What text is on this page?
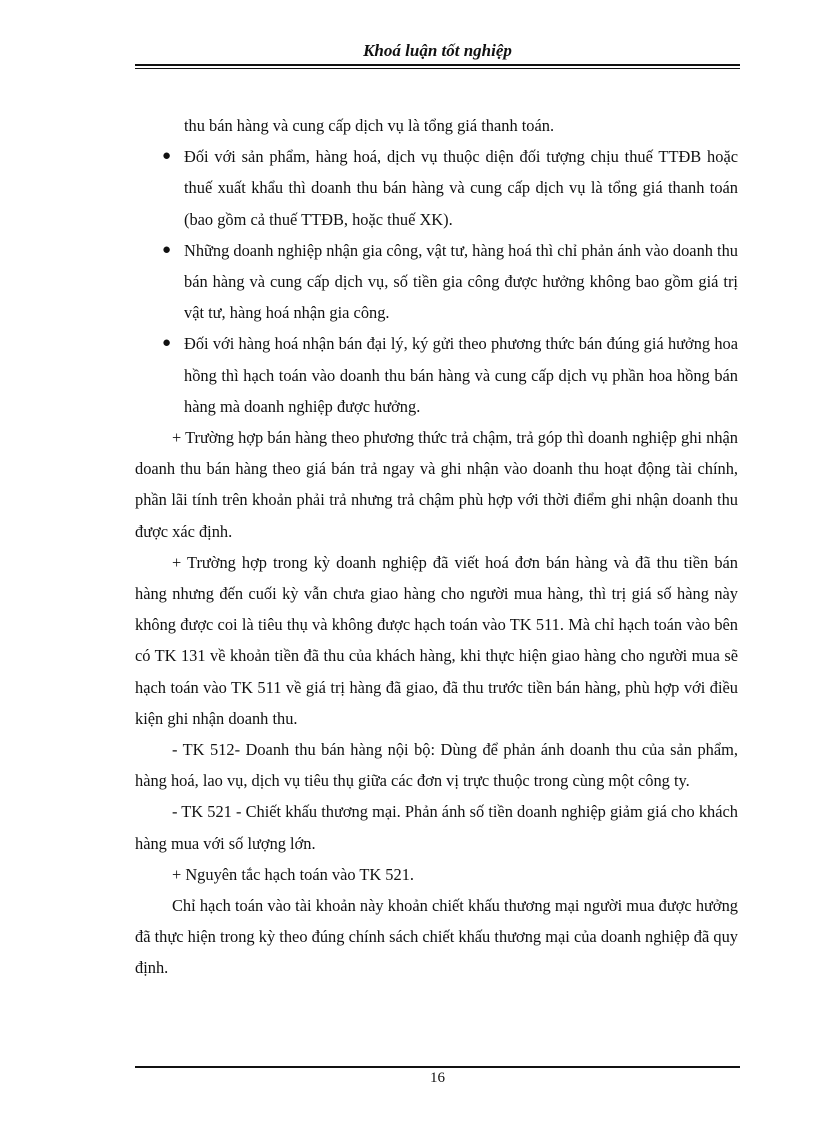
Khoá luận tốt nghiệp

thu bán hàng và cung cấp dịch vụ là tổng giá thanh toán.

● Đối với sản phẩm, hàng hoá, dịch vụ thuộc diện đối tượng chịu thuế TTĐB hoặc thuế xuất khẩu thì doanh thu bán hàng và cung cấp dịch vụ là tổng giá thanh toán (bao gồm cả thuế TTĐB, hoặc thuế XK).
● Những doanh nghiệp nhận gia công, vật tư, hàng hoá thì chỉ phản ánh vào doanh thu bán hàng và cung cấp dịch vụ, số tiền gia công được hưởng không bao gồm giá trị vật tư, hàng hoá nhận gia công.
● Đối với hàng hoá nhận bán đại lý, ký gửi theo phương thức bán đúng giá hưởng hoa hồng thì hạch toán vào doanh thu bán hàng và cung cấp dịch vụ phần hoa hồng bán hàng mà doanh nghiệp được hưởng.

+ Trường hợp bán hàng theo phương thức trả chậm, trả góp thì doanh nghiệp ghi nhận doanh thu bán hàng theo giá bán trả ngay và ghi nhận vào doanh thu hoạt động tài chính, phần lãi tính trên khoản phải trả nhưng trả chậm phù hợp với thời điểm ghi nhận doanh thu được xác định.

+ Trường hợp trong kỳ doanh nghiệp đã viết hoá đơn bán hàng và đã thu tiền bán hàng nhưng đến cuối kỳ vẫn chưa giao hàng cho người mua hàng, thì trị giá số hàng này không được coi là tiêu thụ và không được hạch toán vào TK 511. Mà chỉ hạch toán vào bên có TK 131 về khoản tiền đã thu của khách hàng, khi thực hiện giao hàng cho người mua sẽ hạch toán vào TK 511 về giá trị hàng đã giao, đã thu trước tiền bán hàng, phù hợp với điều kiện ghi nhận doanh thu.

- TK 512- Doanh thu bán hàng nội bộ: Dùng để phản ánh doanh thu của sản phẩm, hàng hoá, lao vụ, dịch vụ tiêu thụ giữa các đơn vị trực thuộc trong cùng một công ty.

- TK 521 - Chiết khấu thương mại. Phản ánh số tiền doanh nghiệp giảm giá cho khách hàng mua với số lượng lớn.

+ Nguyên tắc hạch toán vào TK 521.

Chỉ hạch toán vào tài khoản này khoản chiết khấu thương mại người mua được hưởng đã thực hiện trong kỳ theo đúng chính sách chiết khấu thương mại của doanh nghiệp đã quy định.

16
